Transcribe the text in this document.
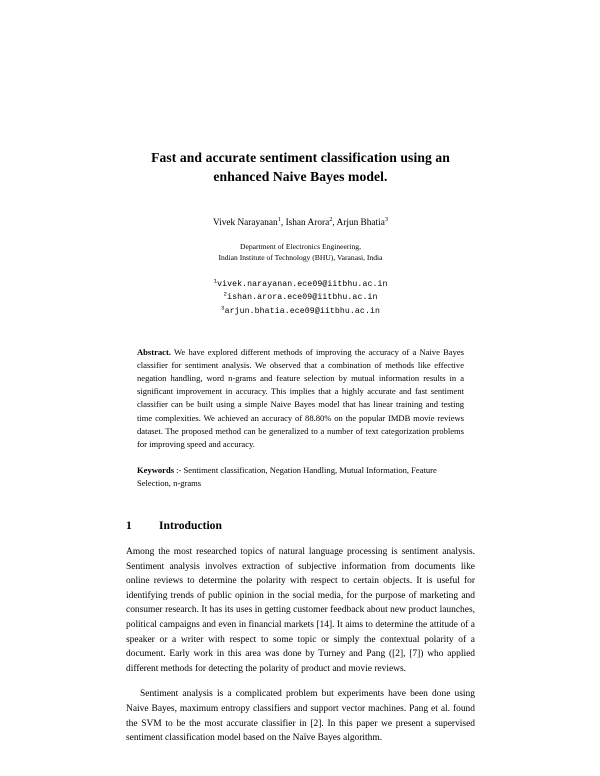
Fast and accurate sentiment classification using an enhanced Naive Bayes model.
Vivek Narayanan$^1$, Ishan Arora$^2$, Arjun Bhatia$^3$
Department of Electronics Engineering,
Indian Institute of Technology (BHU), Varanasi, India
$^1$vivek.narayanan.ece09@iitbhu.ac.in
$^2$ishan.arora.ece09@iitbhu.ac.in
$^3$arjun.bhatia.ece09@iitbhu.ac.in
Abstract. We have explored different methods of improving the accuracy of a Naive Bayes classifier for sentiment analysis. We observed that a combination of methods like effective negation handling, word n-grams and feature selection by mutual information results in a significant improvement in accuracy. This implies that a highly accurate and fast sentiment classifier can be built using a simple Naive Bayes model that has linear training and testing time complexities. We achieved an accuracy of 88.80% on the popular IMDB movie reviews dataset. The proposed method can be generalized to a number of text categorization problems for improving speed and accuracy.
Keywords :- Sentiment classification, Negation Handling, Mutual Information, Feature Selection, n-grams
1	Introduction

Among the most researched topics of natural language processing is sentiment analysis. Sentiment analysis involves extraction of subjective information from documents like online reviews to determine the polarity with respect to certain objects. It is useful for identifying trends of public opinion in the social media, for the purpose of marketing and consumer research. It has its uses in getting customer feedback about new product launches, political campaigns and even in financial markets [14]. It aims to determine the attitude of a speaker or a writer with respect to some topic or simply the contextual polarity of a document. Early work in this area was done by Turney and Pang ([2], [7]) who applied different methods for detecting the polarity of product and movie reviews.

Sentiment analysis is a complicated problem but experiments have been done using Naive Bayes, maximum entropy classifiers and support vector machines. Pang et al. found the SVM to be the most accurate classifier in [2]. In this paper we present a supervised sentiment classification model based on the Naïve Bayes algorithm.
